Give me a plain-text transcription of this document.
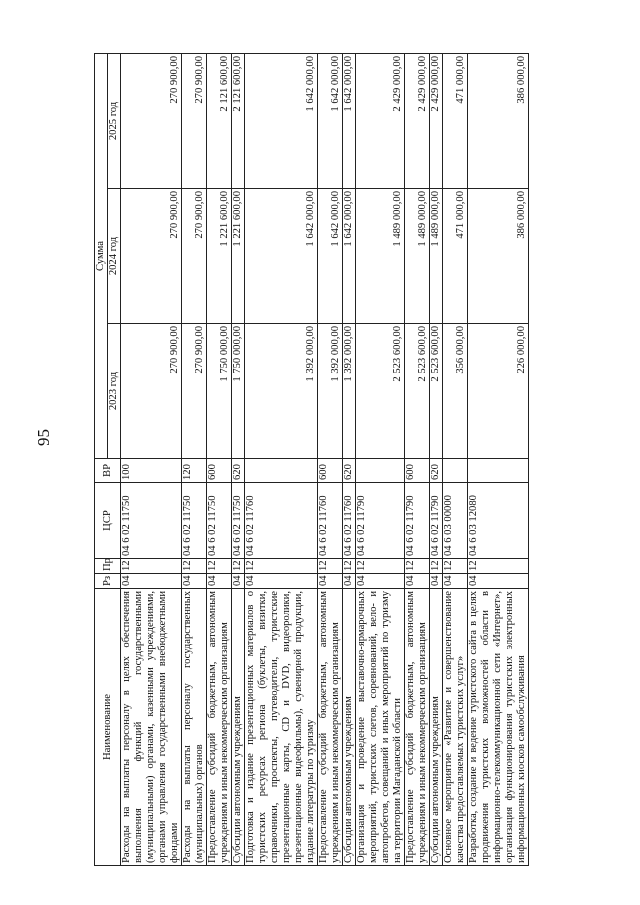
95
Наименование	Рз	Пр	ЦСР	ВР	Сумма		
					2023 год	2024 год	2025 год
Расходы на выплаты персоналу в целях обеспечения выполнения функций государственными (муниципальными) органами, казенными учреждениями, органами управления государственными внебюджетными фондами	04	12	04 6 02 11750	100	270 900,00	270 900,00	270 900,00
Расходы на выплаты персоналу государственных (муниципальных) органов	04	12	04 6 02 11750	120	270 900,00	270 900,00	270 900,00
Предоставление субсидий бюджетным, автономным учреждениям и иным некоммерческим организациям	04	12	04 6 02 11750	600	1 750 000,00	1 221 600,00	2 121 600,00
Субсидии автономным учреждениям	04	12	04 6 02 11750	620	1 750 000,00	1 221 600,00	2 121 600,00
Подготовка и издание презентационных материалов о туристских ресурсах региона (буклеты, визитки, справочники, проспекты, путеводители, туристские презентационные карты, CD и DVD, видеоролики, презентационные видеофильмы), сувенирной продукции, издание литературы по туризму	04	12	04 6 02 11760		1 392 000,00	1 642 000,00	1 642 000,00
Предоставление субсидий бюджетным, автономным учреждениям и иным некоммерческим организациям	04	12	04 6 02 11760	600	1 392 000,00	1 642 000,00	1 642 000,00
Субсидии автономным учреждениям	04	12	04 6 02 11760	620	1 392 000,00	1 642 000,00	1 642 000,00
Организация и проведение выставочно-ярмарочных мероприятий, туристских слетов, соревнований, вело- и автопробегов, совещаний и иных мероприятий по туризму на территории Магаданской области	04	12	04 6 02 11790		2 523 600,00	1 489 000,00	2 429 000,00
Предоставление субсидий бюджетным, автономным учреждениям и иным некоммерческим организациям	04	12	04 6 02 11790	600	2 523 600,00	1 489 000,00	2 429 000,00
Субсидии автономным учреждениям	04	12	04 6 02 11790	620	2 523 600,00	1 489 000,00	2 429 000,00
Основное мероприятие «Развитие и совершенствование качества предоставляемых туристских услуг»	04	12	04 6 03 00000		356 000,00	471 000,00	471 000,00
Разработка, создание и ведение туристского сайта в целях продвижения туристских возможностей области в информационно-телекоммуникационной сети «Интернет», организация функционирования туристских электронных информационных киосков самообслуживания	04	12	04 6 03 12080		226 000,00	386 000,00	386 000,00
